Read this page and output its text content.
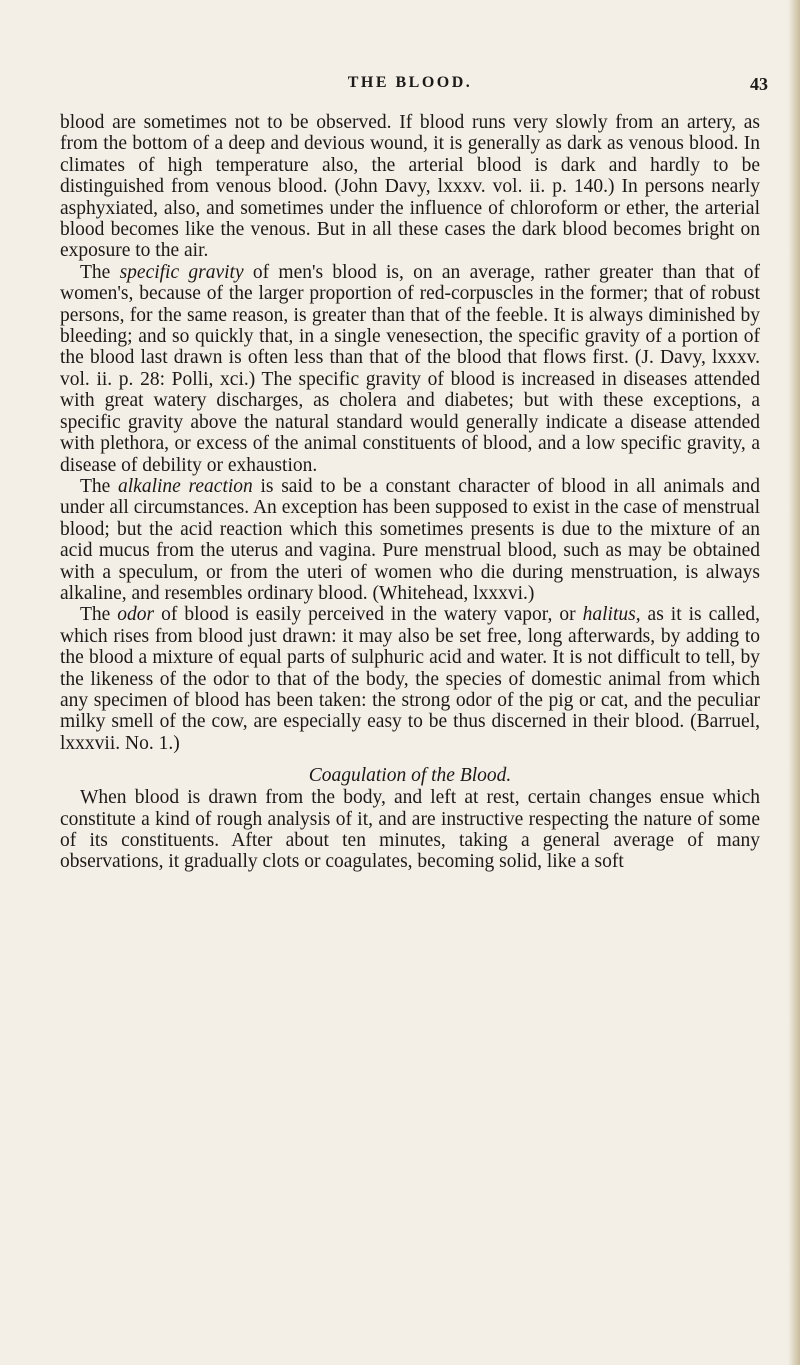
THE BLOOD.	43

blood are sometimes not to be observed. If blood runs very slowly from an artery, as from the bottom of a deep and devious wound, it is generally as dark as venous blood. In climates of high temperature also, the arterial blood is dark and hardly to be distinguished from venous blood. (John Davy, lxxxv. vol. ii. p. 140.) In persons nearly asphyxiated, also, and sometimes under the influence of chloroform or ether, the arterial blood becomes like the venous. But in all these cases the dark blood becomes bright on exposure to the air.

The specific gravity of men's blood is, on an average, rather greater than that of women's, because of the larger proportion of red-corpuscles in the former; that of robust persons, for the same reason, is greater than that of the feeble. It is always diminished by bleeding; and so quickly that, in a single venesection, the specific gravity of a portion of the blood last drawn is often less than that of the blood that flows first. (J. Davy, lxxxv. vol. ii. p. 28: Polli, xci.) The specific gravity of blood is increased in diseases attended with great watery discharges, as cholera and diabetes; but with these exceptions, a specific gravity above the natural standard would generally indicate a disease attended with plethora, or excess of the animal constituents of blood, and a low specific gravity, a disease of debility or exhaustion.

The alkaline reaction is said to be a constant character of blood in all animals and under all circumstances. An exception has been supposed to exist in the case of menstrual blood; but the acid reaction which this sometimes presents is due to the mixture of an acid mucus from the uterus and vagina. Pure menstrual blood, such as may be obtained with a speculum, or from the uteri of women who die during menstruation, is always alkaline, and resembles ordinary blood. (Whitehead, lxxxvi.)

The odor of blood is easily perceived in the watery vapor, or halitus, as it is called, which rises from blood just drawn: it may also be set free, long afterwards, by adding to the blood a mixture of equal parts of sulphuric acid and water. It is not difficult to tell, by the likeness of the odor to that of the body, the species of domestic animal from which any specimen of blood has been taken: the strong odor of the pig or cat, and the peculiar milky smell of the cow, are especially easy to be thus discerned in their blood. (Barruel, lxxxvii. No. 1.)

Coagulation of the Blood.

When blood is drawn from the body, and left at rest, certain changes ensue which constitute a kind of rough analysis of it, and are instructive respecting the nature of some of its constituents. After about ten minutes, taking a general average of many observations, it gradually clots or coagulates, becoming solid, like a soft
